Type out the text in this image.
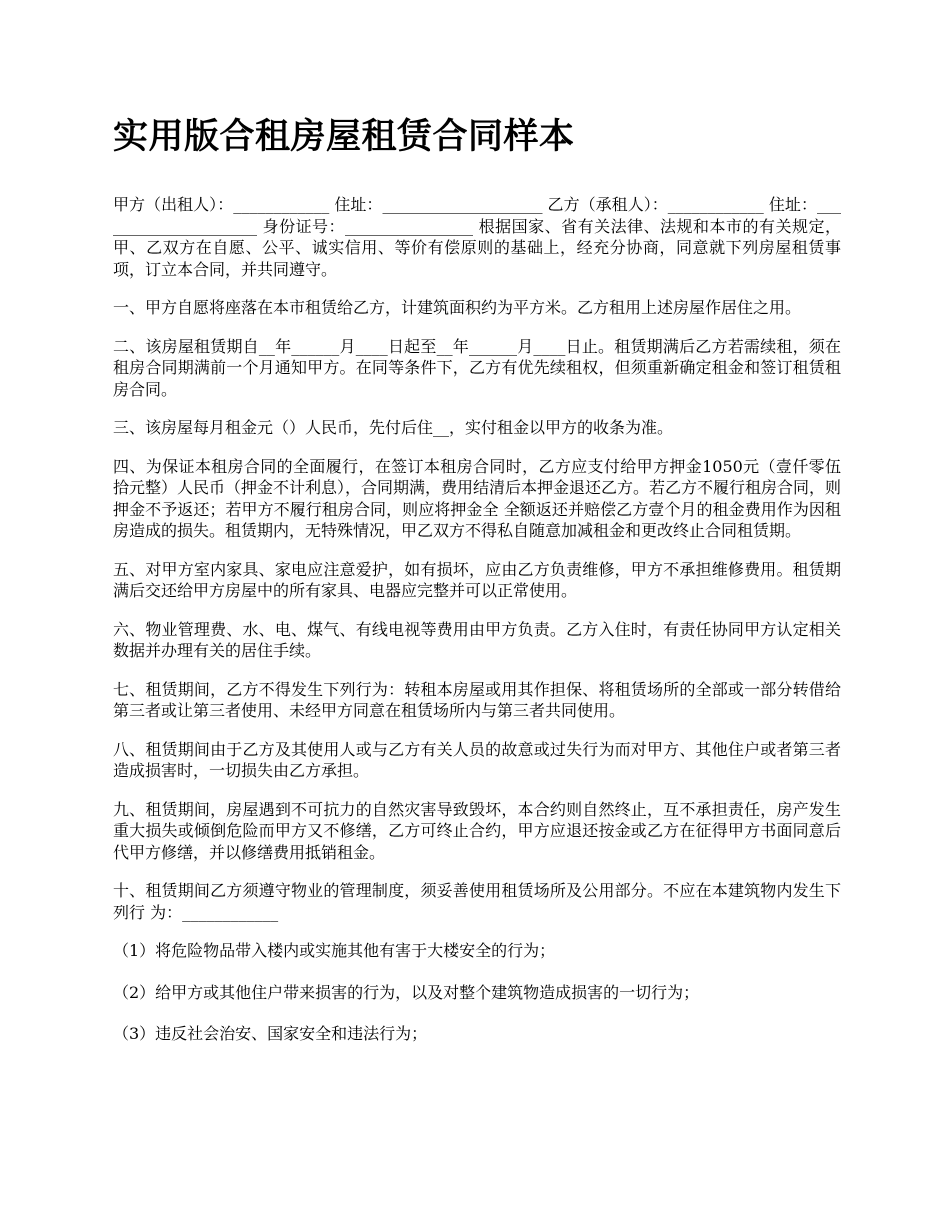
实用版合租房屋租赁合同样本

甲方（出租人）：____________ 住址：____________________ 乙方（承租人）：____________ 住址：_____________________ 身份证号：________________ 根据国家、省有关法律、法规和本市的有关规定，甲、乙双方在自愿、公平、诚实信用、等价有偿原则的基础上，经充分协商，同意就下列房屋租赁事项，订立本合同，并共同遵守。

一、甲方自愿将座落在本市租赁给乙方，计建筑面积约为平方米。乙方租用上述房屋作居住之用。

二、该房屋租赁期自__年______月____日起至__年______月____日止。租赁期满后乙方若需续租，须在租房合同期满前一个月通知甲方。在同等条件下，乙方有优先续租权，但须重新确定租金和签订租赁租房合同。

三、该房屋每月租金元（）人民币，先付后住__，实付租金以甲方的收条为准。

四、为保证本租房合同的全面履行，在签订本租房合同时，乙方应支付给甲方押金1050元（壹仟零伍拾元整）人民币（押金不计利息），合同期满，费用结清后本押金退还乙方。若乙方不履行租房合同，则押金不予返还；若甲方不履行租房合同，则应将押金全 全额返还并赔偿乙方壹个月的租金费用作为因租房造成的损失。租赁期内，无特殊情况，甲乙双方不得私自随意加减租金和更改终止合同租赁期。

五、对甲方室内家具、家电应注意爱护，如有损坏，应由乙方负责维修，甲方不承担维修费用。租赁期满后交还给甲方房屋中的所有家具、电器应完整并可以正常使用。

六、物业管理费、水、电、煤气、有线电视等费用由甲方负责。乙方入住时，有责任协同甲方认定相关数据并办理有关的居住手续。

七、租赁期间，乙方不得发生下列行为：转租本房屋或用其作担保、将租赁场所的全部或一部分转借给第三者或让第三者使用、未经甲方同意在租赁场所内与第三者共同使用。

八、租赁期间由于乙方及其使用人或与乙方有关人员的故意或过失行为而对甲方、其他住户或者第三者造成损害时，一切损失由乙方承担。

九、租赁期间，房屋遇到不可抗力的自然灾害导致毁坏，本合约则自然终止，互不承担责任，房产发生重大损失或倾倒危险而甲方又不修缮，乙方可终止合约，甲方应退还按金或乙方在征得甲方书面同意后代甲方修缮，并以修缮费用抵销租金。

十、租赁期间乙方须遵守物业的管理制度，须妥善使用租赁场所及公用部分。不应在本建筑物内发生下列行 为：____________

（1）将危险物品带入楼内或实施其他有害于大楼安全的行为；

（2）给甲方或其他住户带来损害的行为，以及对整个建筑物造成损害的一切行为；

（3）违反社会治安、国家安全和违法行为；
